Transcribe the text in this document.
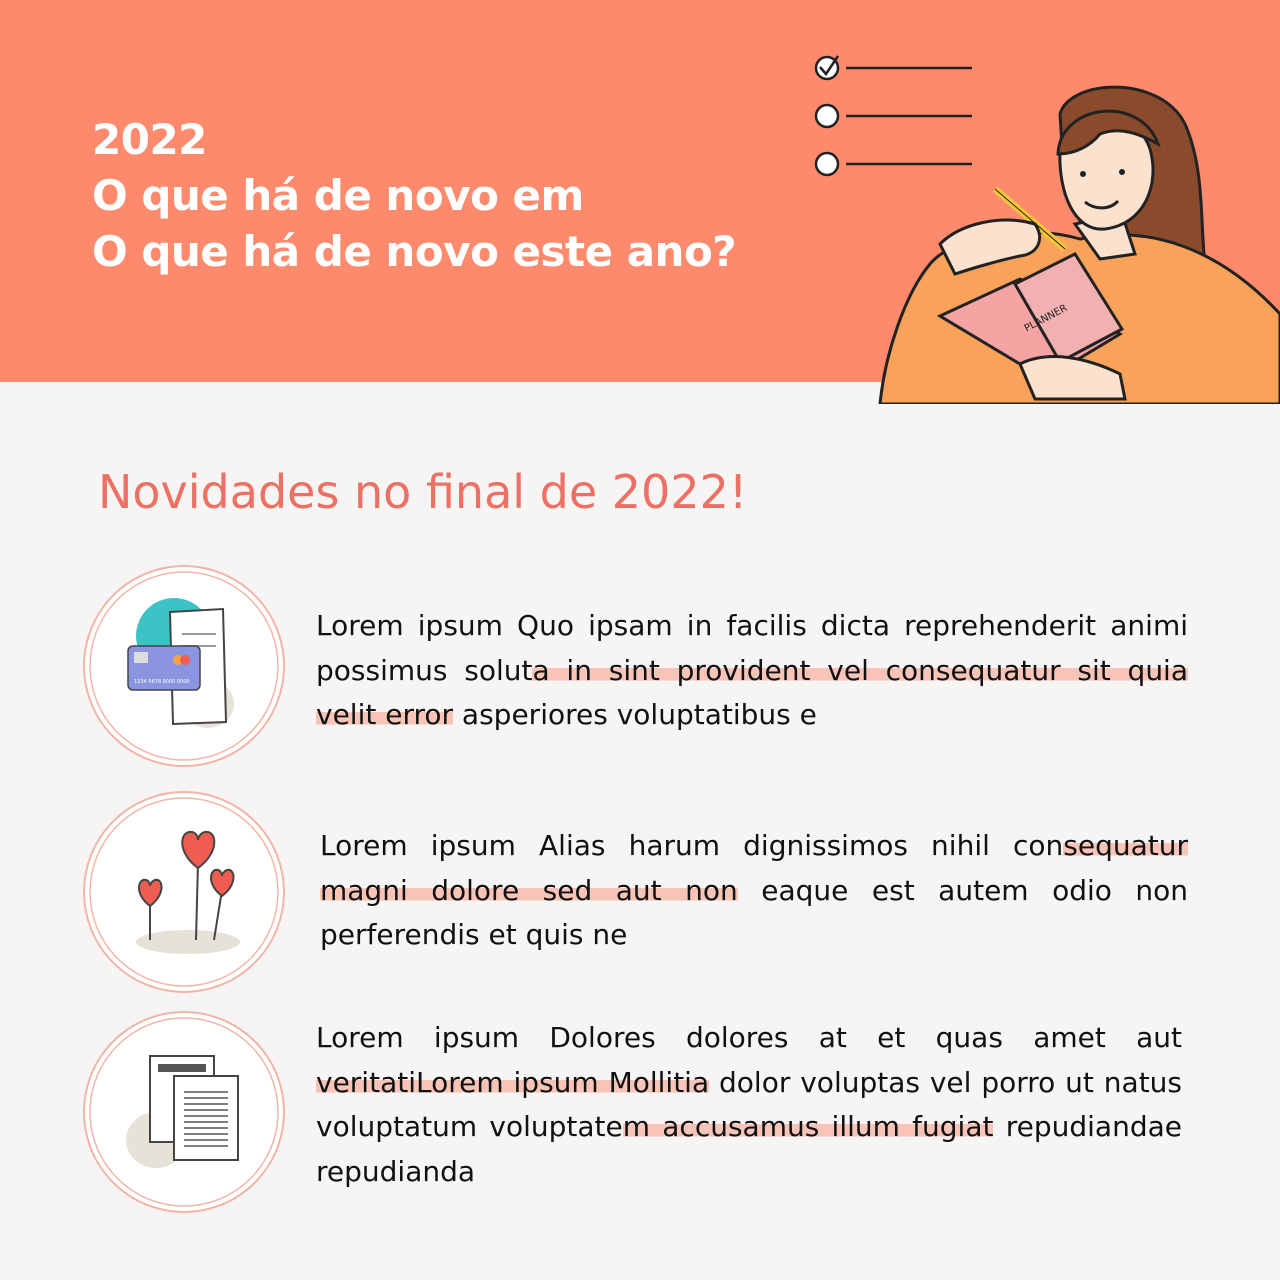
2022
O que há de novo em
O que há de novo este ano?
PLANNER
Novidades no final de 2022!
1234 5678 9000 0000
Lorem ipsum Quo ipsam in facilis dicta reprehenderit animi possimus soluta in sint provident vel consequatur sit quia velit error asperiores voluptatibus e
Lorem ipsum Alias harum dignissimos nihil consequatur magni dolore sed aut non eaque est autem odio non perferendis et quis ne
Lorem ipsum Dolores dolores at et quas amet aut veritatiLorem ipsum Mollitia dolor voluptas vel porro ut natus voluptatum voluptatem accusamus illum fugiat repudiandae repudianda
